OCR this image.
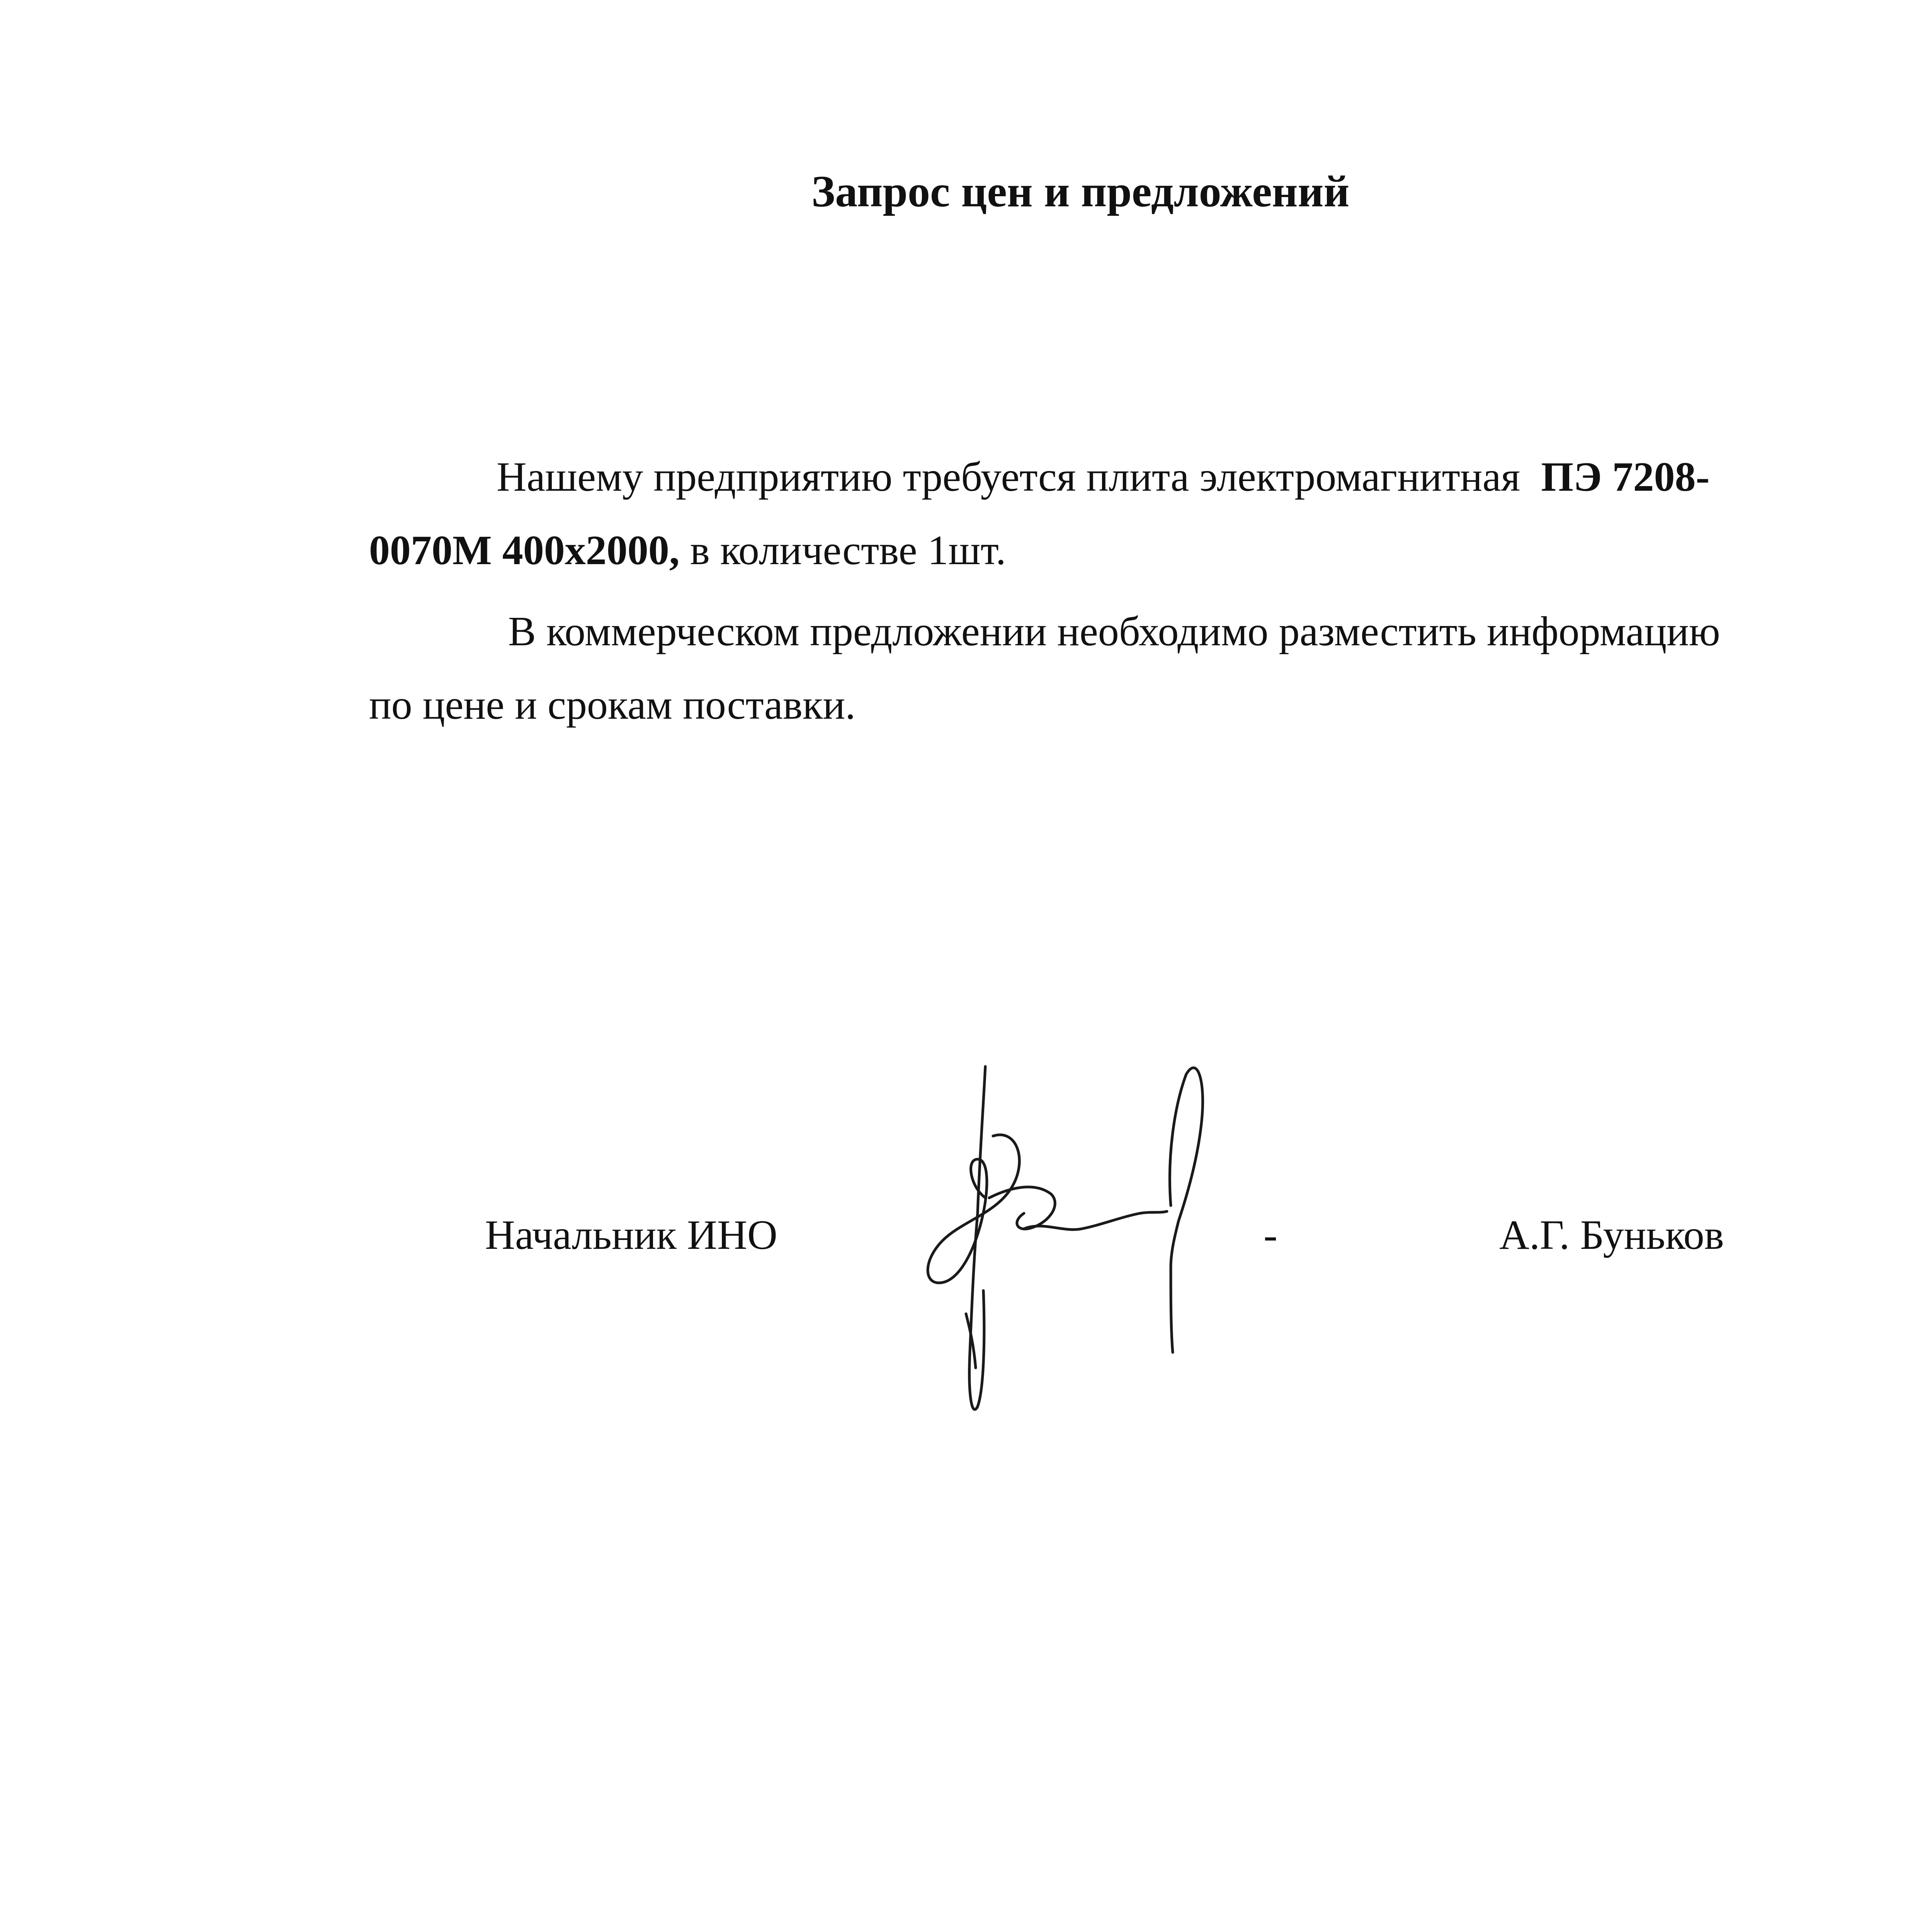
Запрос цен и предложений
Нашему предприятию требуется плита электромагнитная ПЭ 7208-
0070М 400х2000, в количестве 1шт.
В коммерческом предложении необходимо разместить информацию
по цене и срокам поставки.
Начальник ИНО	-	А.Г. Буньков
